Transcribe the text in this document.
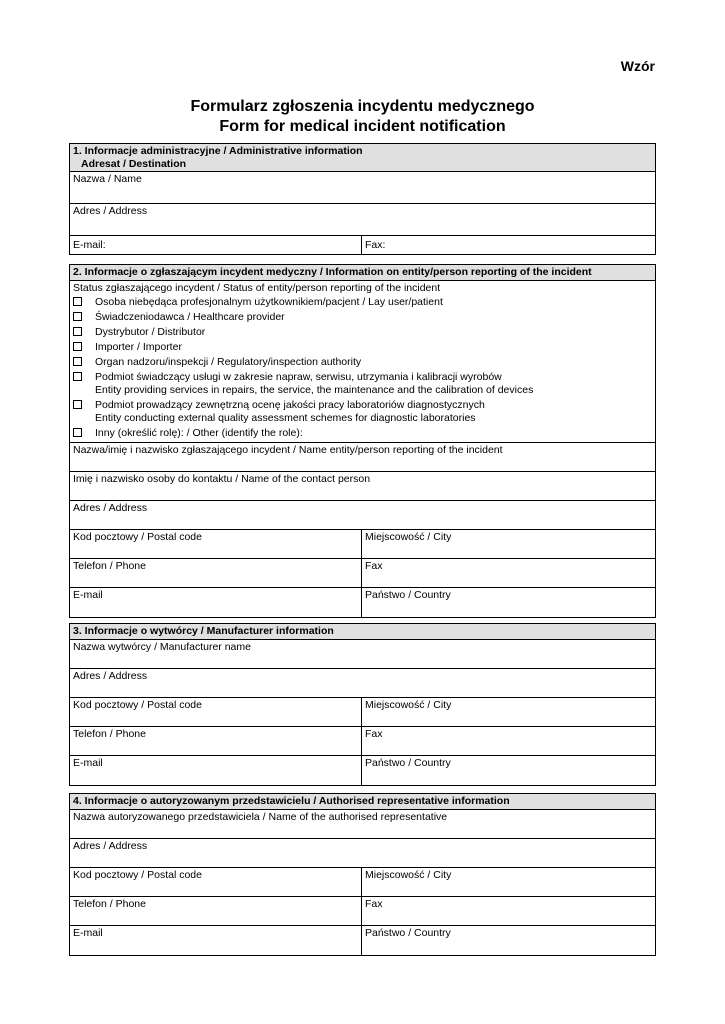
Wzór
Formularz zgłoszenia incydentu medycznego
Form for medical incident notification
1. Informacje administracyjne / Administrative information
Adresat / Destination
Nazwa / Name
Adres / Address
E-mail:	Fax:
2. Informacje o zgłaszającym incydent medyczny / Information on entity/person reporting of the incident
Status zgłaszającego incydent / Status of entity/person reporting of the incident
Osoba niebędąca profesjonalnym użytkownikiem/pacjent / Lay user/patient
Świadczeniodawca / Healthcare provider
Dystrybutor / Distributor
Importer / Importer
Organ nadzoru/inspekcji / Regulatory/inspection authority
Podmiot świadczący usługi w zakresie napraw, serwisu, utrzymania i kalibracji wyrobów
Entity providing services in repairs, the service, the maintenance and the calibration of devices
Podmiot prowadzący zewnętrzną ocenę jakości pracy laboratoriów diagnostycznych
Entity conducting external quality assessment schemes for diagnostic laboratories
Inny (określić rolę): / Other (identify the role):
Nazwa/imię i nazwisko zgłaszającego incydent / Name entity/person reporting of the incident
Imię i nazwisko osoby do kontaktu / Name of the contact person
Adres / Address
Kod pocztowy / Postal code	Miejscowość / City
Telefon / Phone	Fax
E-mail	Państwo / Country
3. Informacje o wytwórcy / Manufacturer information
Nazwa wytwórcy / Manufacturer name
Adres / Address
Kod pocztowy / Postal code	Miejscowość / City
Telefon / Phone	Fax
E-mail	Państwo / Country
4. Informacje o autoryzowanym przedstawicielu / Authorised representative information
Nazwa autoryzowanego przedstawiciela / Name of the authorised representative
Adres / Address
Kod pocztowy / Postal code	Miejscowość / City
Telefon / Phone	Fax
E-mail	Państwo / Country
